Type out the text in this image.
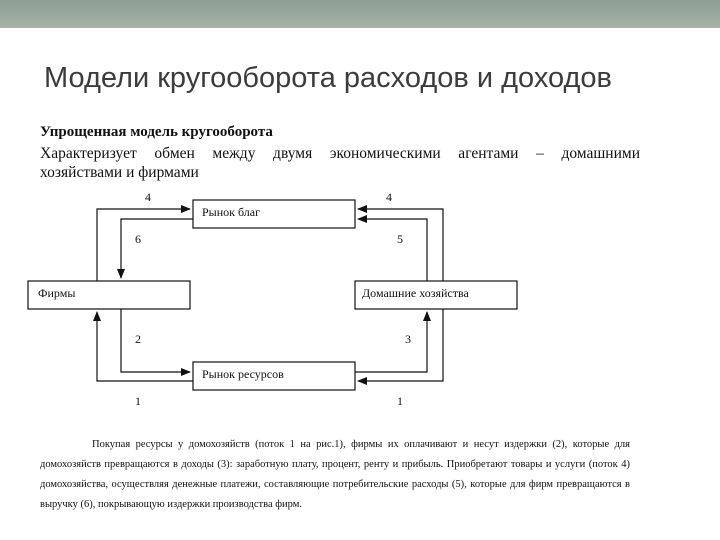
Модели кругооборота расходов и доходов
Упрощенная модель кругооборота
Характеризует обмен между двумя экономическими агентами – домашними
хозяйствами и фирмами
Рынок благ
Фирмы	Домашние хозяйства
Рынок ресурсов
4	4
6	5
2	3
1	1

Покупая ресурсы у домохозяйств (поток 1 на рис.1), фирмы их оплачивают и несут издержки (2), которые для домохозяйств превращаются в доходы (3): заработную плату, процент, ренту и прибыль. Приобретают товары и услуги (поток 4) домохозяйства, осуществляя денежные платежи, составляющие потребительские расходы (5), которые для фирм превращаются в выручку (6), покрывающую издержки производства фирм.
